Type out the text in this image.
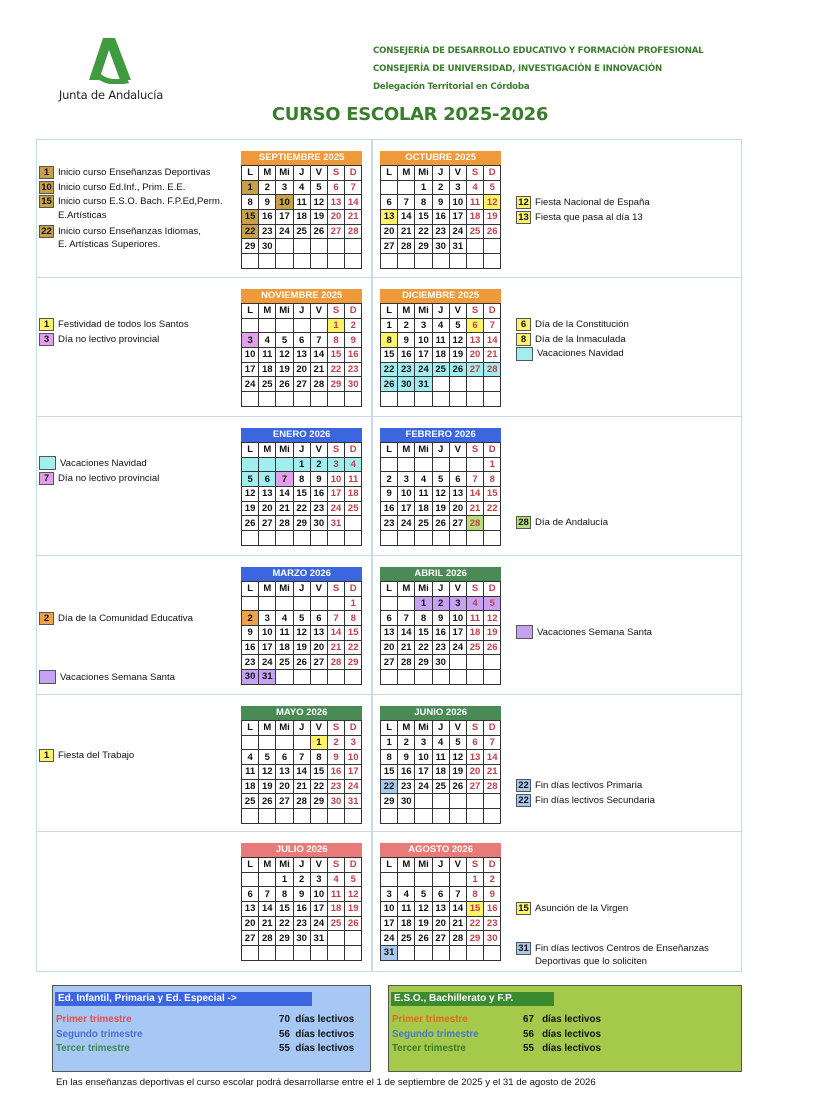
Junta de Andalucía
CONSEJERÍA DE DESARROLLO EDUCATIVO Y FORMACIÓN PROFESIONAL
CONSEJERÍA DE UNIVERSIDAD, INVESTIGACIÓN E INNOVACIÓN
Delegación Territorial en Córdoba
CURSO ESCOLAR 2025-2026
SEPTIEMBRE 2025
L	M	Mi	J	V	S	D
1	2	3	4	5	6	7
8	9	10	11	12	13	14
15	16	17	18	19	20	21
22	23	24	25	26	27	28
29	30					

1 Inicio curso Enseñanzas Deportivas
10 Inicio curso Ed.Inf., Prim. E.E.
15 Inicio curso E.S.O. Bach. F.P.Ed,Perm.
E.Artísticas
22 Inicio curso Enseñanzas Idiomas,
E. Artísticas Superiores.
OCTUBRE 2025
L	M	Mi	J	V	S	D
		1	2	3	4	5
6	7	8	9	10	11	12
13	14	15	16	17	18	19
20	21	22	23	24	25	26
27	28	29	30	31		

12 Fiesta Nacional de España
13 Fiesta que pasa al día 13
NOVIEMBRE 2025
L	M	Mi	J	V	S	D
					1	2
3	4	5	6	7	8	9
10	11	12	13	14	15	16
17	18	19	20	21	22	23
24	25	26	27	28	29	30

1 Festividad de todos los Santos
3 Día no lectivo provincial
DICIEMBRE 2025
L	M	Mi	J	V	S	D
1	2	3	4	5	6	7
8	9	10	11	12	13	14
15	16	17	18	19	20	21
22	23	24	25	26	27	28
26	30	31				

6 Día de la Constitución
8 Día de la Inmaculada
Vacaciones Navidad
ENERO 2026
L	M	Mi	J	V	S	D
			1	2	3	4
5	6	7	8	9	10	11
12	13	14	15	16	17	18
19	20	21	22	23	24	25
26	27	28	29	30	31	

Vacaciones Navidad
7 Día no lectivo provincial
FEBRERO 2026
L	M	Mi	J	V	S	D
						1
2	3	4	5	6	7	8
9	10	11	12	13	14	15
16	17	18	19	20	21	22
23	24	25	26	27	28	
							28 Día de Andalucía
MARZO 2026
L	M	Mi	J	V	S	D
						1
2	3	4	5	6	7	8
9	10	11	12	13	14	15
16	17	18	19	20	21	22
23	24	25	26	27	28	29
30	31					
2 Día de la Comunidad Educativa
Vacaciones Semana Santa
ABRIL 2026
L	M	Mi	J	V	S	D
		1	2	3	4	5
6	7	8	9	10	11	12
13	14	15	16	17	18	19
20	21	22	23	24	25	26
27	28	29	30			

Vacaciones Semana Santa
MAYO 2026
L	M	Mi	J	V	S	D
				1	2	3
4	5	6	7	8	9	10
11	12	13	14	15	16	17
18	19	20	21	22	23	24
25	26	27	28	29	30	31

1 Fiesta del Trabajo
JUNIO 2026
L	M	Mi	J	V	S	D
1	2	3	4	5	6	7
8	9	10	11	12	13	14
15	16	17	18	19	20	21
22	23	24	25	26	27	28
29	30					

22 Fin días lectivos Primaria
22 Fin días lectivos Secundaria
JULIO 2026
L	M	Mi	J	V	S	D
		1	2	3	4	5
6	7	8	9	10	11	12
13	14	15	16	17	18	19
20	21	22	23	24	25	26
27	28	29	30	31		

AGOSTO 2026
L	M	Mi	J	V	S	D
					1	2
3	4	5	6	7	8	9
10	11	12	13	14	15	16
17	18	19	20	21	22	23
24	25	26	27	28	29	30
31						
15 Asunción de la Virgen
31 Fin días lectivos Centros de Enseñanzas
Deportivas que lo soliciten
Ed. Infantil, Primaria y Ed. Especial ->
Primer trimestre	70 días lectivos
Segundo trimestre	56 días lectivos
Tercer trimestre	55 días lectivos
E.S.O., Bachillerato y F.P.
Primer trimestre	67 días lectivos
Segundo trimestre	56 días lectivos
Tercer trimestre	55 días lectivos
En las enseñanzas deportivas el curso escolar podrá desarrollarse entre el 1 de septiembre de 2025 y el 31 de agosto de 2026
